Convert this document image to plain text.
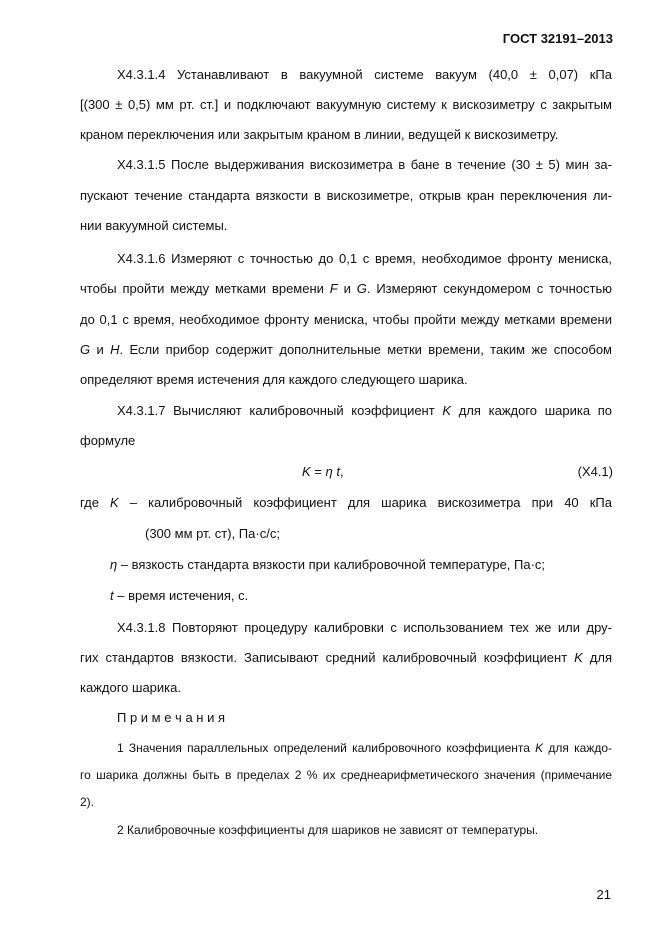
ГОСТ 32191–2013
Х4.3.1.4 Устанавливают в вакуумной системе вакуум (40,0 ± 0,07) кПа
[(300 ± 0,5) мм рт. ст.] и подключают вакуумную систему к вискозиметру с закрытым
краном переключения или закрытым краном в линии, ведущей к вискозиметру.
Х4.3.1.5 После выдерживания вискозиметра в бане в течение (30 ± 5) мин за-
пускают течение стандарта вязкости в вискозиметре, открыв кран переключения ли-
нии вакуумной системы.
Х4.3.1.6 Измеряют с точностью до 0,1 с время, необходимое фронту мениска,
чтобы пройти между метками времени F и G. Измеряют секундомером с точностью
до 0,1 с время, необходимое фронту мениска, чтобы пройти между метками времени
G и H. Если прибор содержит дополнительные метки времени, таким же способом
определяют время истечения для каждого следующего шарика.
Х4.3.1.7 Вычисляют калибровочный коэффициент K для каждого шарика по
формуле
где K – калибровочный коэффициент для шарика вискозиметра при 40 кПа
(300 мм рт. ст), Па·с/с;
η – вязкость стандарта вязкости при калибровочной температуре, Па·с;
t – время истечения, с.
Х4.3.1.8 Повторяют процедуру калибровки с использованием тех же или дру-
гих стандартов вязкости. Записывают средний калибровочный коэффициент K для
каждого шарика.
П р и м е ч а н и я
1 Значения параллельных определений калибровочного коэффициента K для каждо-
го шарика должны быть в пределах 2 % их среднеарифметического значения (примечание
2).
2 Калибровочные коэффициенты для шариков не зависят от температуры.
K = η t,	(Х4.1)
21
